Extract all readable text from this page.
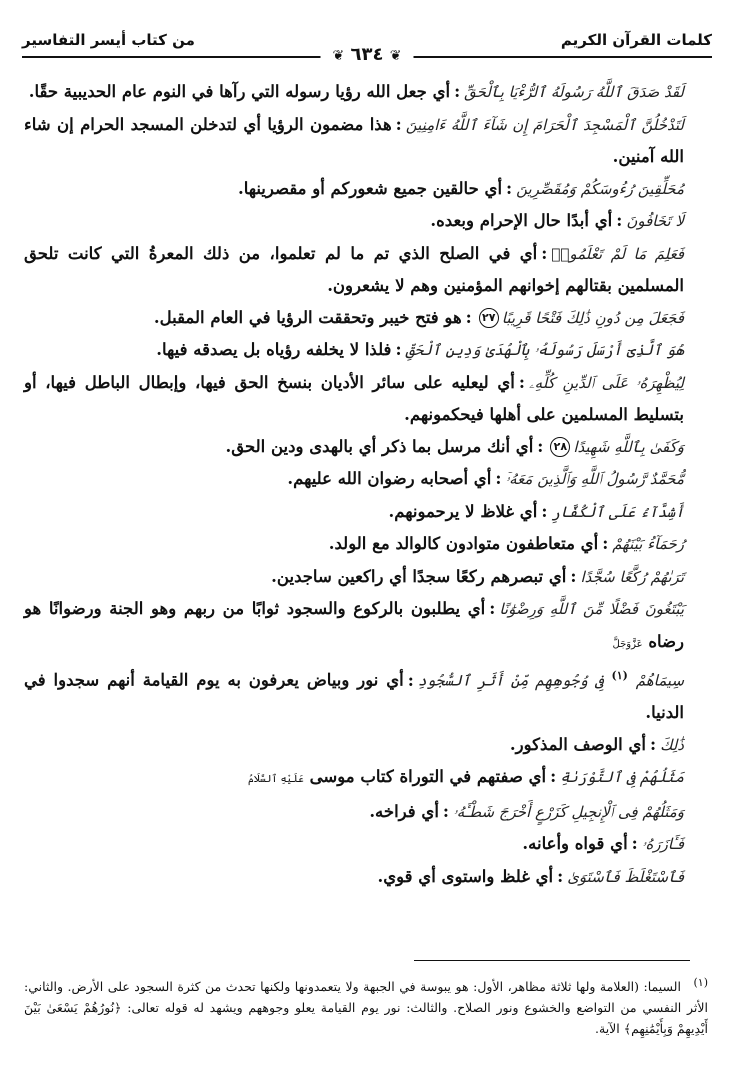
كلمات القرآن الكريم
من كتاب أيسر التفاسير
❦ ٦٣٤ ❦

لَقَدْ صَدَقَ ٱللَّهُ رَسُولَهُ ٱلرُّءْيَا بِٱلْحَقِّ:أي جعل الله رؤيا رسوله التي رآها في النوم عام الحديبية حقًا.

لَتَدْخُلُنَّ ٱلْمَسْجِدَ ٱلْحَرَامَ إِن شَآءَ ٱللَّهُ ءَامِنِينَ:هذا مضمون الرؤيا أي لتدخلن المسجد الحرام إن شاء الله آمنين.

مُحَلِّقِينَ رُءُوسَكُمْ وَمُقَصِّرِينَ:أي حالقين جميع شعوركم أو مقصرينها.

لَا تَخَافُونَ:أي أبدًا حال الإحرام وبعده.

فَعَلِمَ مَا لَمْ تَعْلَمُوا۟:أي في الصلح الذي تم ما لم تعلموا، من ذلك المعرةُ التي كانت تلحق المسلمين بقتالهم إخوانهم المؤمنين وهم لا يشعرون.

فَجَعَلَ مِن دُونِ ذَٰلِكَ فَتْحًا قَرِيبًا٢٧:هو فتح خيبر وتحققت الرؤيا في العام المقبل.

هُوَ ٱلَّذِىٓ أَرْسَلَ رَسُولَهُۥ بِٱلْهُدَىٰ وَدِينِ ٱلْحَقِّ:فلذا لا يخلفه رؤياه بل يصدقه فيها.

لِيُظْهِرَهُۥ عَلَى ٱلدِّينِ كُلِّهِۦ:أي ليعليه على سائر الأديان بنسخ الحق فيها، وإبطال الباطل فيها، أو بتسليط المسلمين على أهلها فيحكمونهم.

وَكَفَىٰ بِٱللَّهِ شَهِيدًا٢٨:أي أنك مرسل بما ذكر أي بالهدى ودين الحق.

مُّحَمَّدٌ رَّسُولُ ٱللَّهِ وَٱلَّذِينَ مَعَهُۥٓ:أي أصحابه رضوان الله عليهم.

أَشِدَّآءُ عَلَى ٱلْكُفَّارِ:أي غلاظ لا يرحمونهم.

رُحَمَآءُ بَيْنَهُمْ:أي متعاطفون متوادون كالوالد مع الولد.

تَرَىٰهُمْ رُكَّعًا سُجَّدًا:أي تبصرهم ركعًا سجدًا أي راكعين ساجدين.

يَبْتَغُونَ فَضْلًا مِّنَ ٱللَّهِ وَرِضْوَٰنًا:أي يطلبون بالركوع والسجود ثوابًا من ربهم وهو الجنة ورضوانًا هو رضاه عَزَّوَجَلَّ

سِيمَاهُمْ $^{(١)}$ فِى وُجُوهِهِم مِّنْ أَثَرِ ٱلسُّجُودِ:أي نور وبياض يعرفون به يوم القيامة أنهم سجدوا في الدنيا.

ذَٰلِكَ:أي الوصف المذكور.

مَثَلُهُمْ فِى ٱلتَّوْرَىٰةِ:أي صفتهم في التوراة كتاب موسى عَلَيْهِ ٱلسَّلَامُ

وَمَثَلُهُمْ فِى ٱلْإِنجِيلِ كَزَرْعٍ أَخْرَجَ شَطْـَٔهُۥ:أي فراخه.

فَـَٔازَرَهُۥ:أي قواه وأعانه.

فَٱسْتَغْلَظَ فَٱسْتَوَىٰ:أي غلظ واستوى أي قوي.

(١) السيما: (العلامة ولها ثلاثة مظاهر، الأول: هو يبوسة في الجبهة ولا يتعمدونها ولكنها تحدث من كثرة السجود على الأرض. والثاني: الأثر النفسي من التواضع والخشوع ونور الصلاح. والثالث: نور يوم القيامة يعلو وجوههم ويشهد له قوله تعالى: ﴿نُورُهُمْ يَسْعَىٰ بَيْنَ أَيْدِيهِمْ وَبِأَيْمَٰنِهِم﴾ الآية.
